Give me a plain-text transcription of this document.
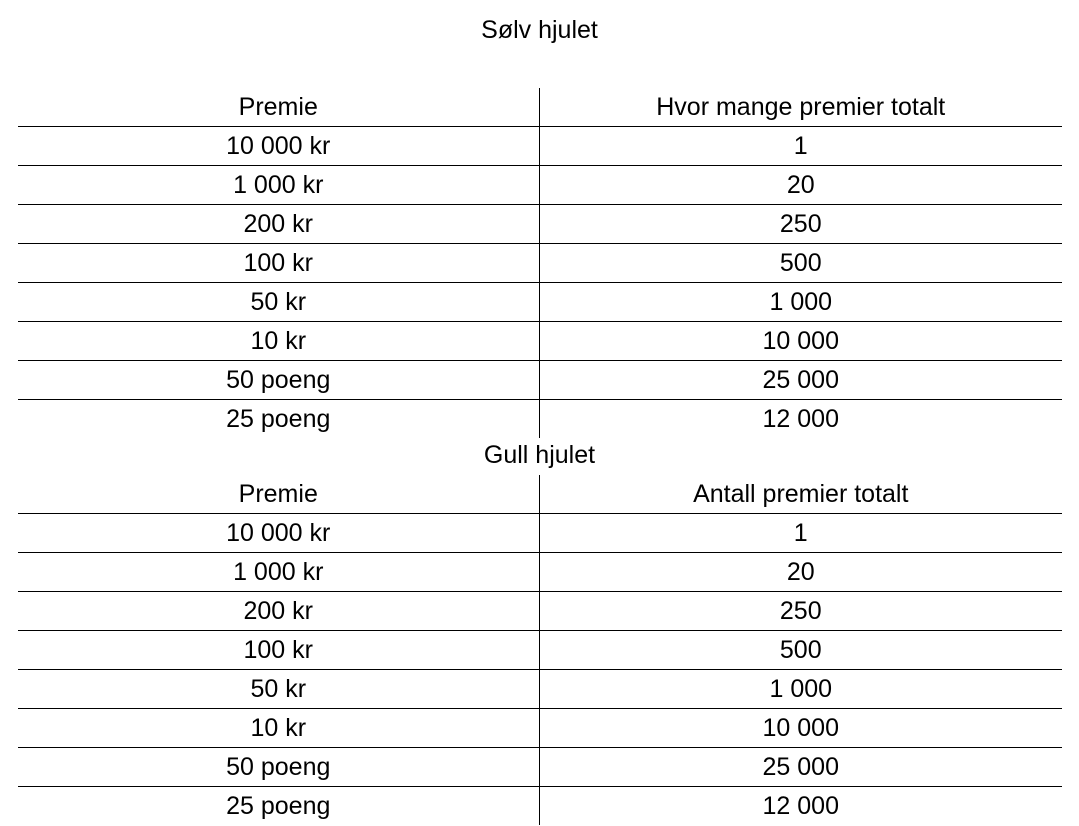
Sølv hjulet
Premie	Hvor mange premier totalt
10 000 kr	1
1 000 kr	20
200 kr	250
100 kr	500
50 kr	1 000
10 kr	10 000
50 poeng	25 000
25 poeng	12 000
Gull hjulet
Premie	Antall premier totalt
10 000 kr	1
1 000 kr	20
200 kr	250
100 kr	500
50 kr	1 000
10 kr	10 000
50 poeng	25 000
25 poeng	12 000
